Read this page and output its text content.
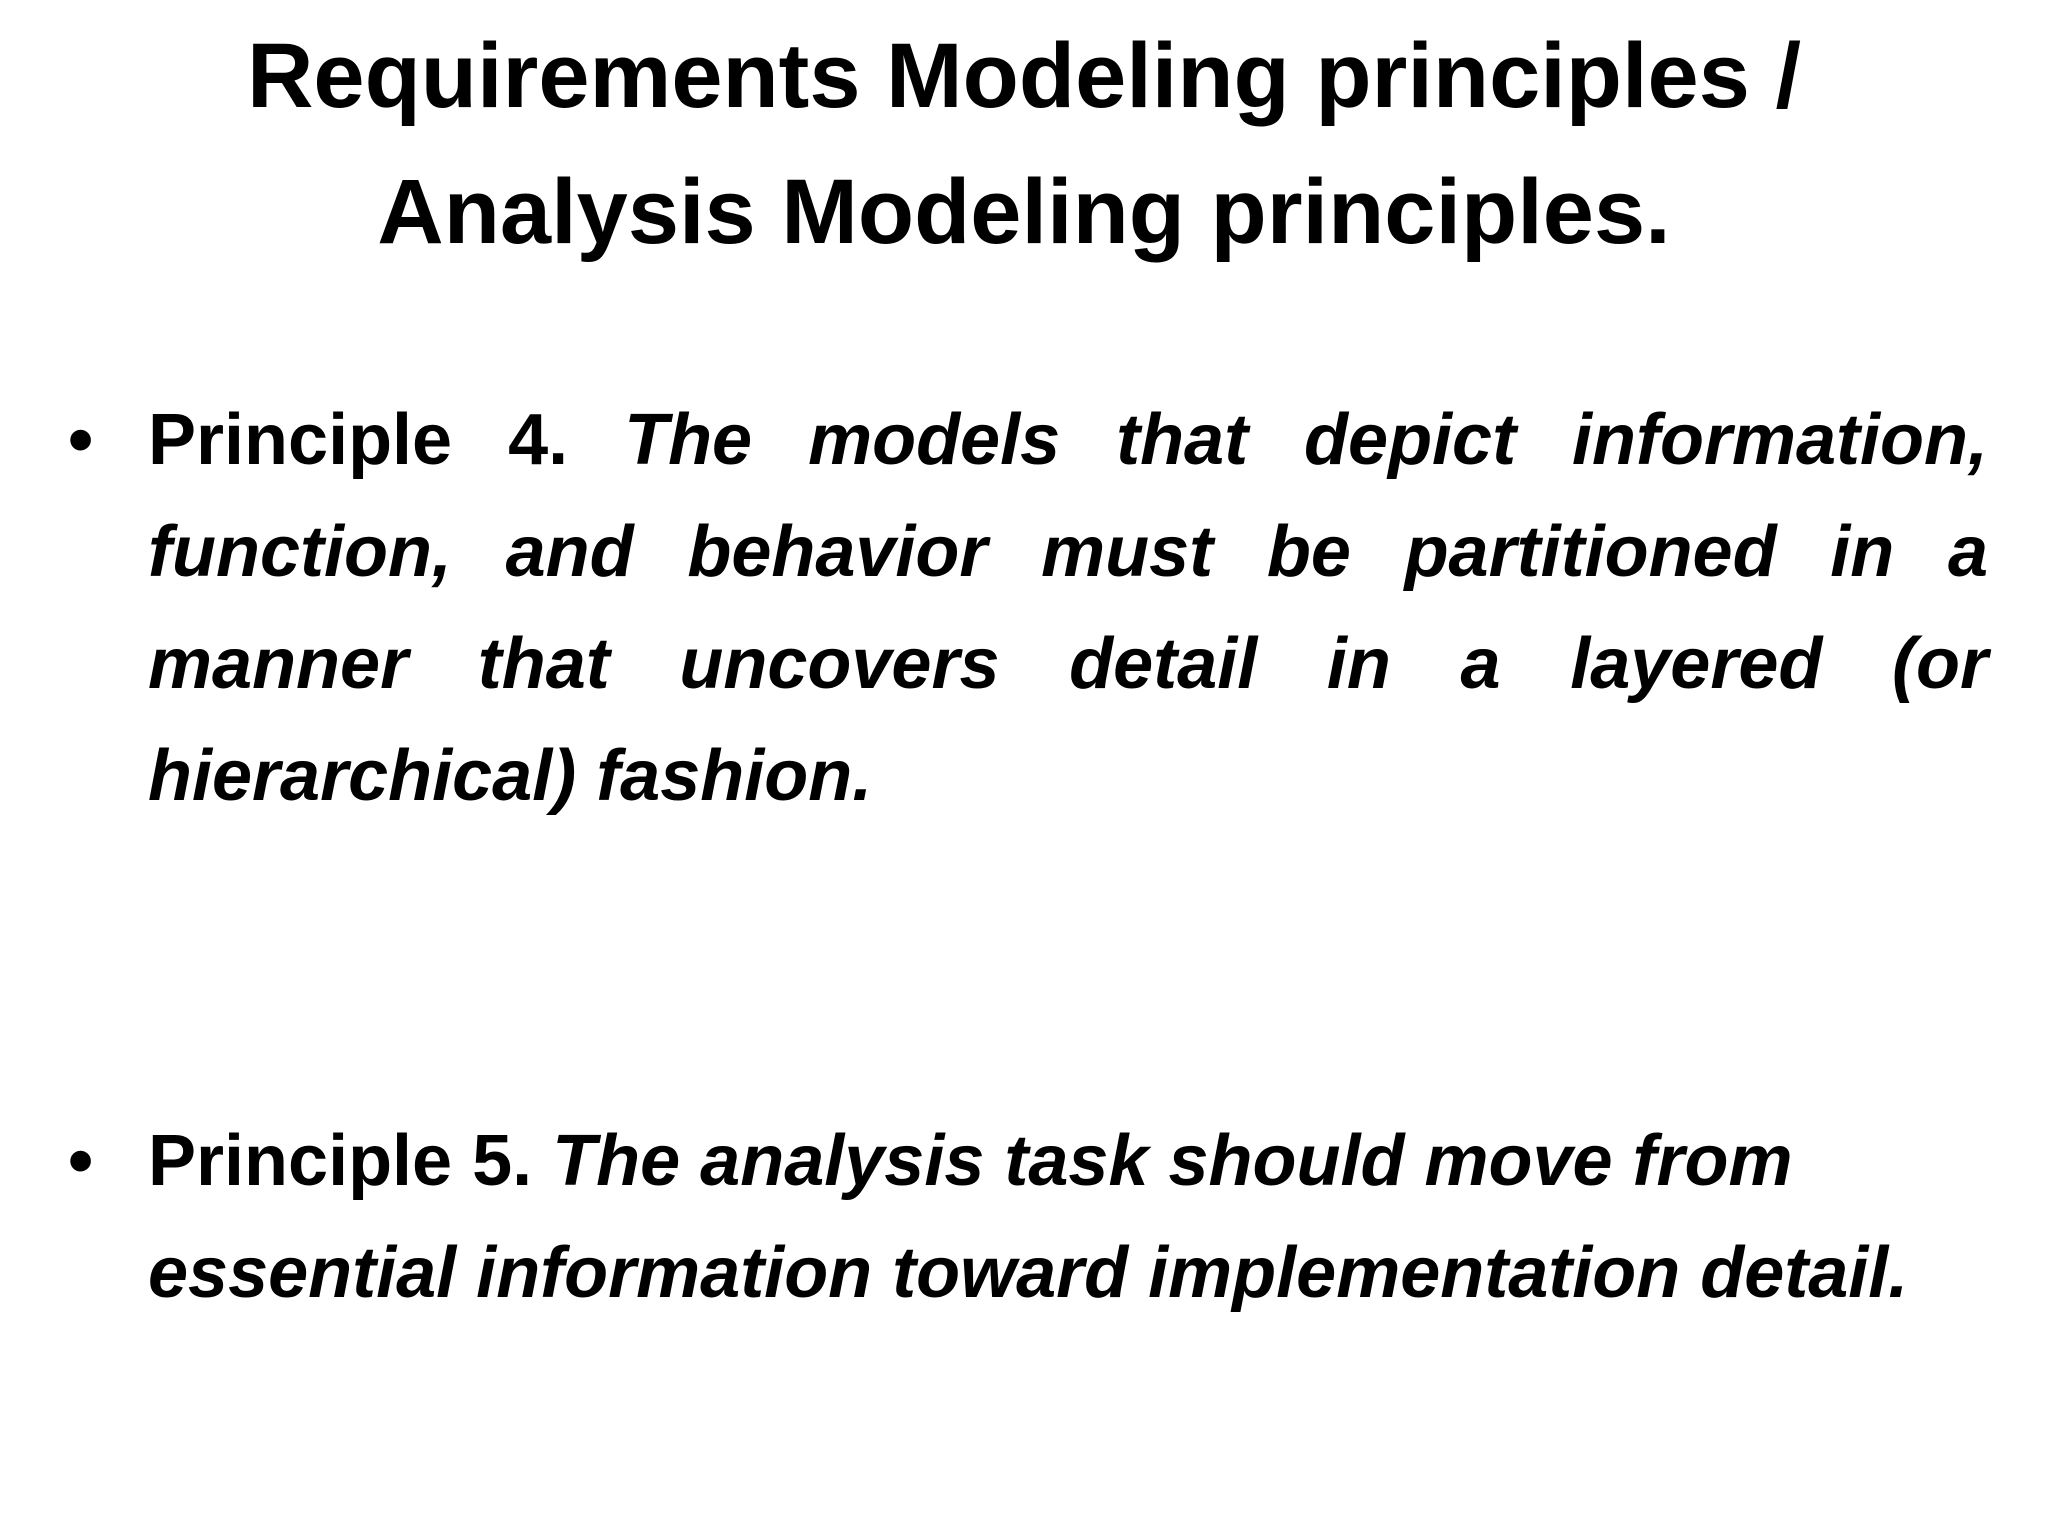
Requirements Modeling principles /
Analysis Modeling principles.
• Principle 4. The models that depict information, function, and behavior must be partitioned in a manner that uncovers detail in a layered (or hierarchical) fashion.

• Principle 5. The analysis task should move from essential information toward implementation detail.
